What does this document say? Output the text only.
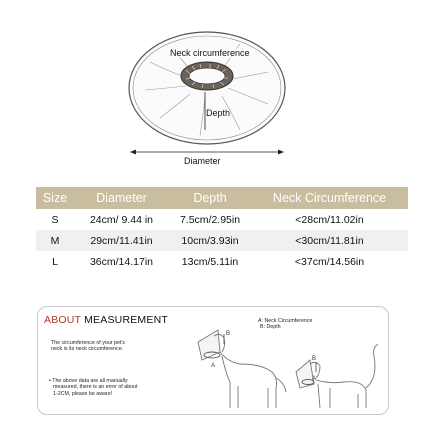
Neck circumference
Depth
Diameter
Size	Diameter	Depth	Neck Circumference
S	24cm/ 9.44 in	7.5cm/2.95in	<28cm/11.02in
M	29cm/11.41in	10cm/3.93in	<30cm/11.81in
L	36cm/14.17in	13cm/5.11in	<37cm/14.56in
ABOUT MEASUREMENT	A: Neck Circumference
B: Depth
The circumference of your pet's
neck is its neck circumference.
• The above data are all manually
measured, there is an error of about
1-2CM, please be aware!
A
B
A
B
